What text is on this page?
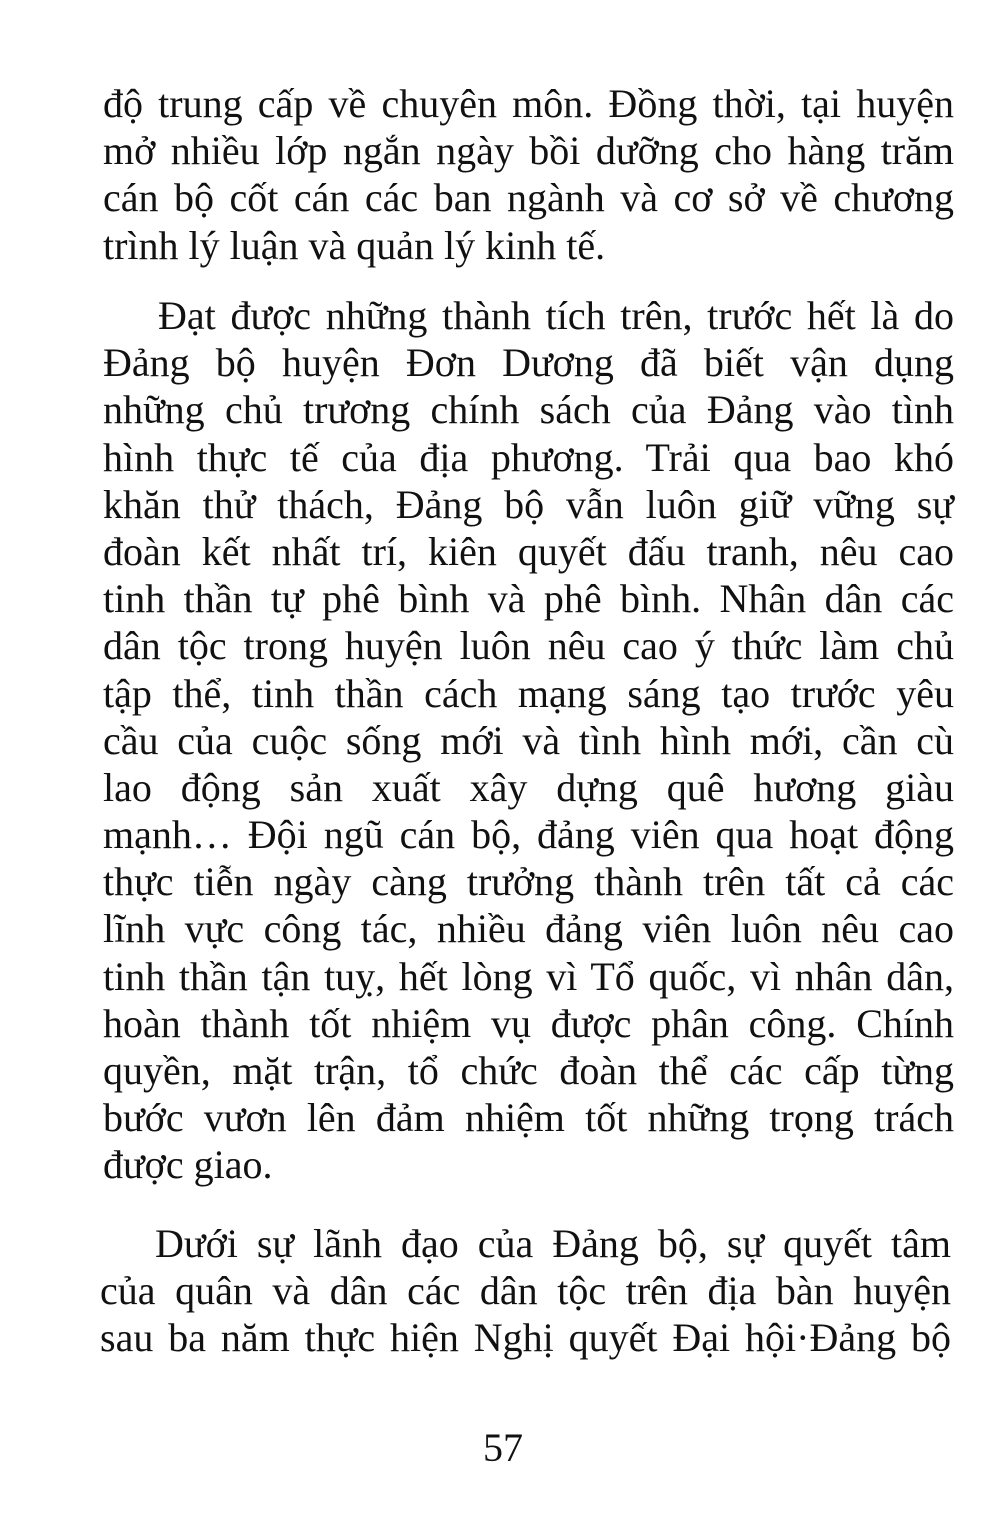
độ trung cấp về chuyên môn. Đồng thời, tại huyện
mở nhiều lớp ngắn ngày bồi dưỡng cho hàng trăm
cán bộ cốt cán các ban ngành và cơ sở về chương
trình lý luận và quản lý kinh tế.
Đạt được những thành tích trên, trước hết là do
Đảng bộ huyện Đơn Dương đã biết vận dụng
những chủ trương chính sách của Đảng vào tình
hình thực tế của địa phương. Trải qua bao khó
khăn thử thách, Đảng bộ vẫn luôn giữ vững sự
đoàn kết nhất trí, kiên quyết đấu tranh, nêu cao
tinh thần tự phê bình và phê bình. Nhân dân các
dân tộc trong huyện luôn nêu cao ý thức làm chủ
tập thể, tinh thần cách mạng sáng tạo trước yêu
cầu của cuộc sống mới và tình hình mới, cần cù
lao động sản xuất xây dựng quê hương giàu
mạnh… Đội ngũ cán bộ, đảng viên qua hoạt động
thực tiễn ngày càng trưởng thành trên tất cả các
lĩnh vực công tác, nhiều đảng viên luôn nêu cao
tinh thần tận tuỵ, hết lòng vì Tổ quốc, vì nhân dân,
hoàn thành tốt nhiệm vụ được phân công. Chính
quyền, mặt trận, tổ chức đoàn thể các cấp từng
bước vươn lên đảm nhiệm tốt những trọng trách
được giao.
Dưới sự lãnh đạo của Đảng bộ, sự quyết tâm
của quân và dân các dân tộc trên địa bàn huyện
sau ba năm thực hiện Nghị quyết Đại hội·Đảng bộ
57
